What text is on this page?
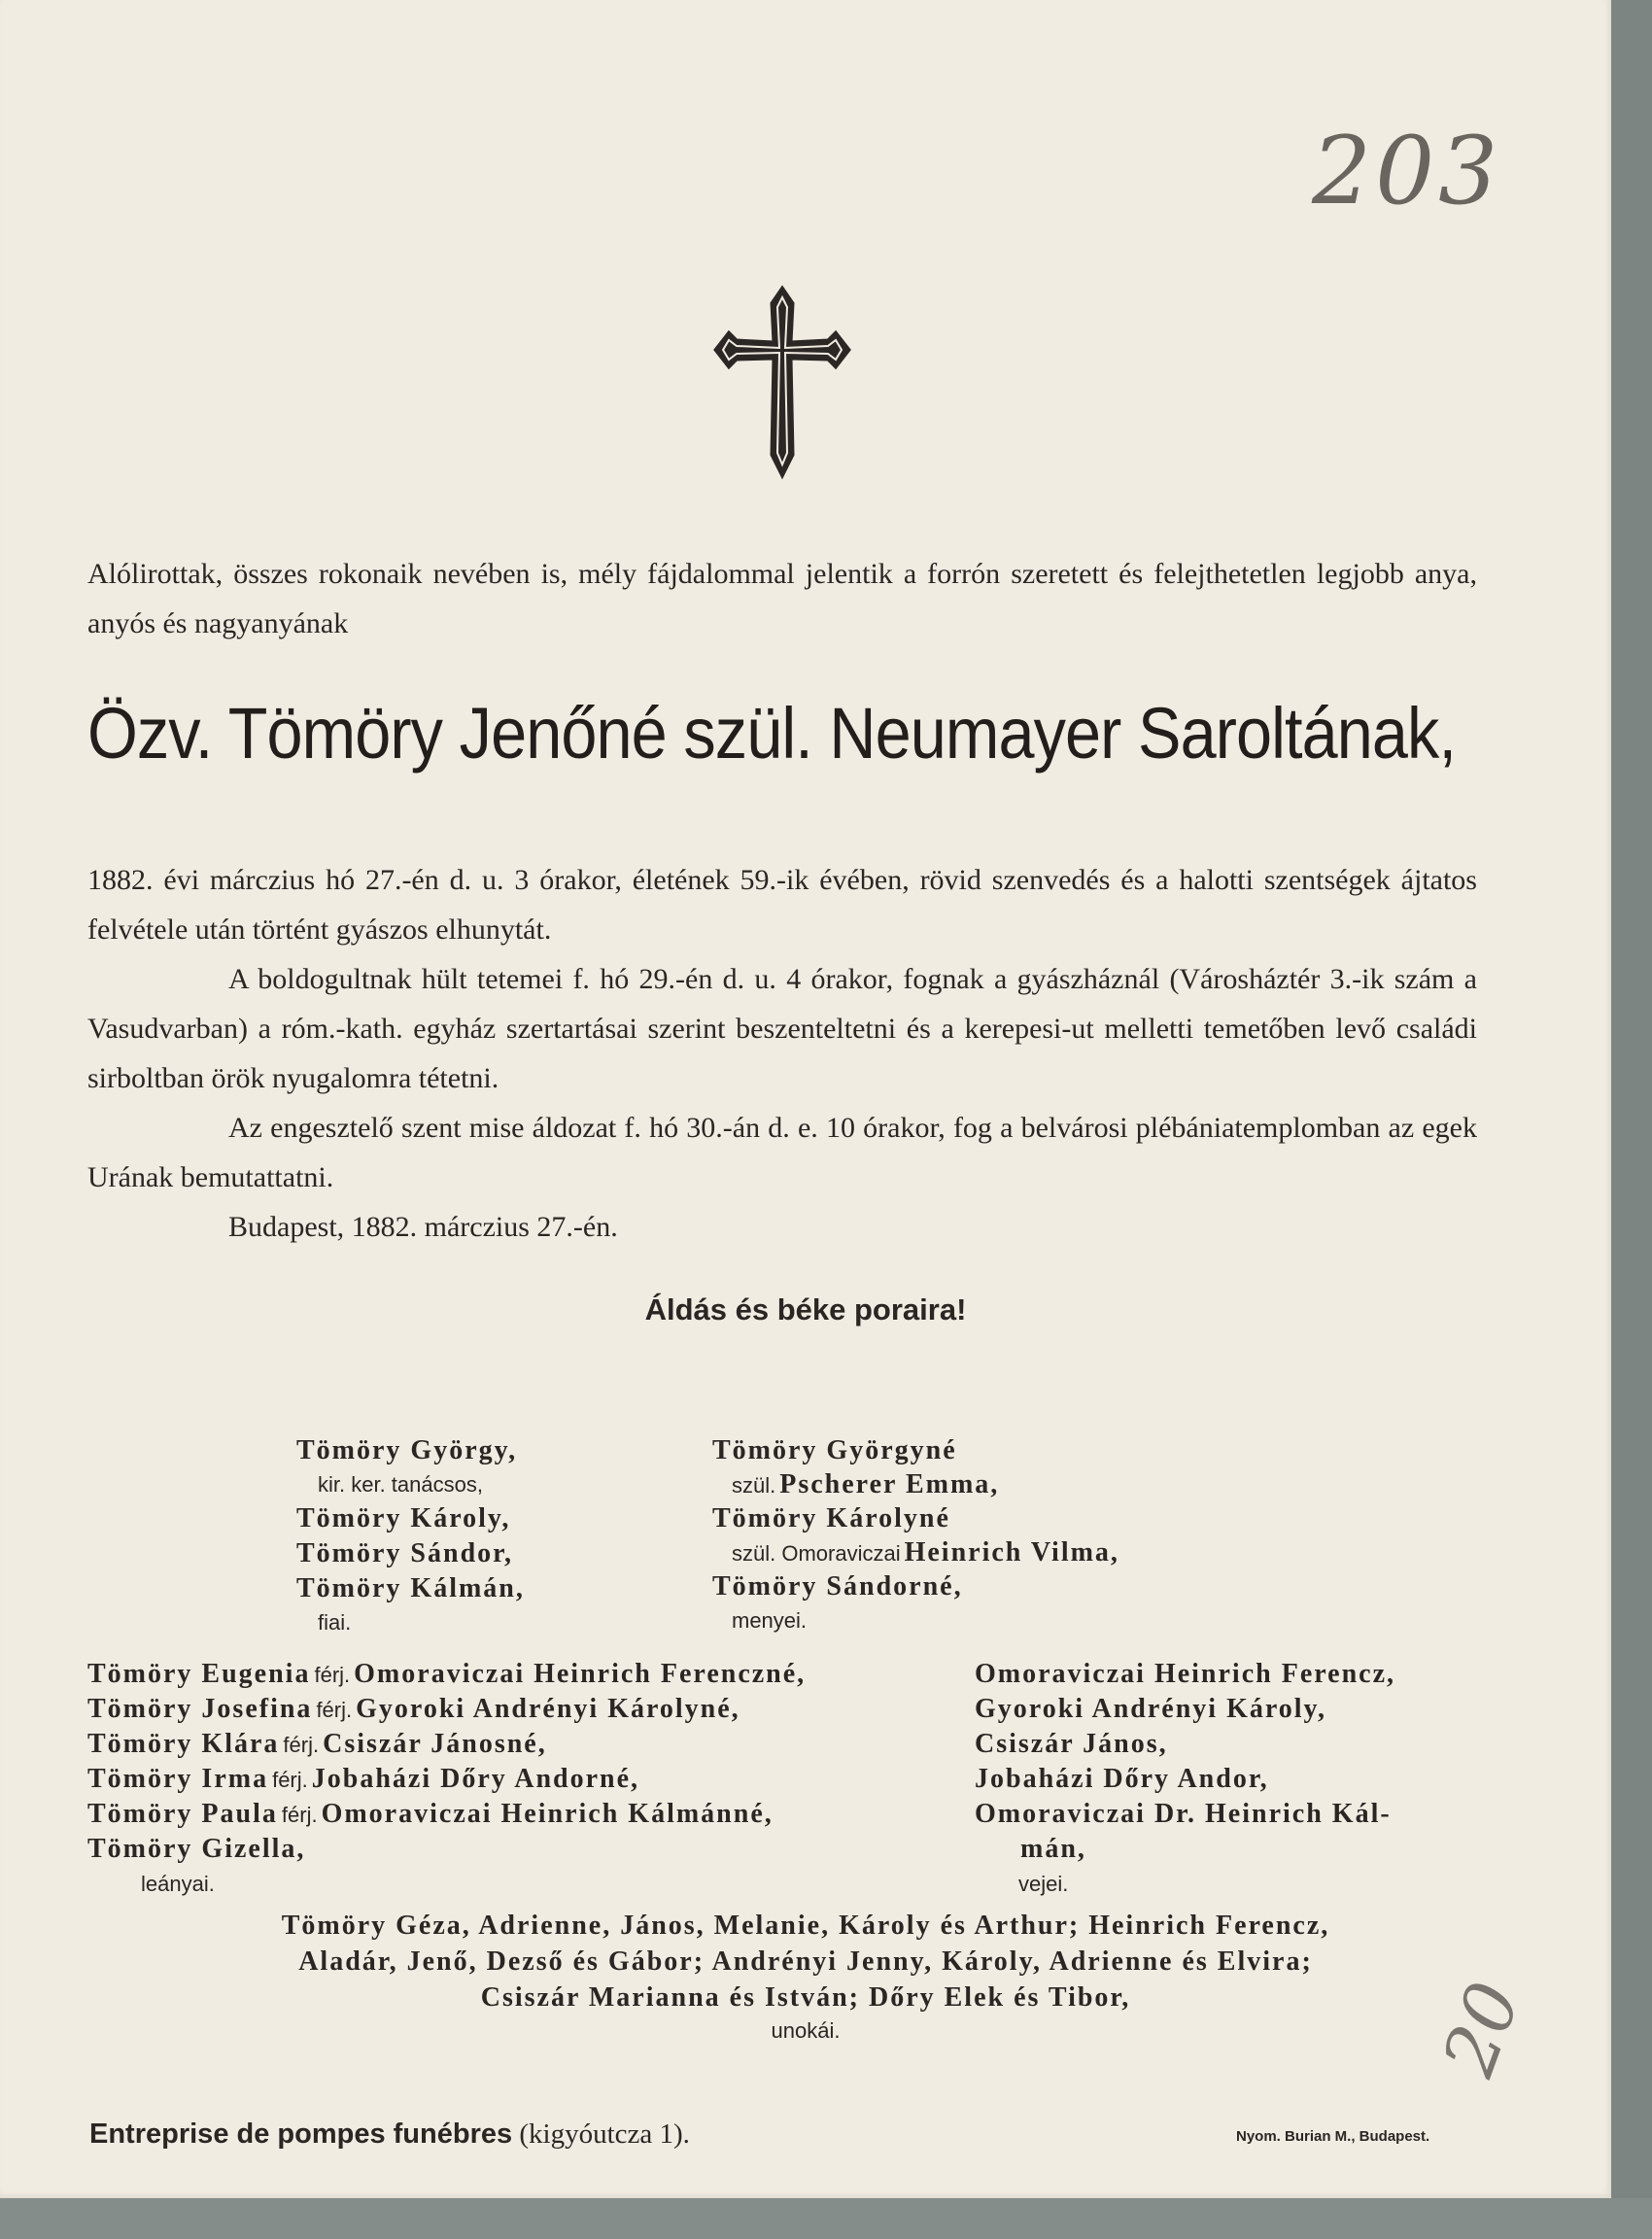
203
Alólirottak, összes rokonaik nevében is, mély fájdalommal jelentik a forrón szeretett és felejthetetlen legjobb anya, anyós és nagyanyának
Özv. Tömöry Jenőné szül. Neumayer Saroltának,
1882. évi márczius hó 27.-én d. u. 3 órakor, életének 59.-ik évében, rövid szenvedés és a halotti szentségek ájtatos felvétele után történt gyászos elhunytát.
A boldogultnak hült tetemei f. hó 29.-én d. u. 4 órakor, fognak a gyászháznál (Városháztér 3.-ik szám a Vasudvarban) a róm.-kath. egyház szertartásai szerint beszenteltetni és a kerepesi-ut melletti temetőben levő családi sirboltban örök nyugalomra tétetni.
Az engesztelő szent mise áldozat f. hó 30.-án d. e. 10 órakor, fog a belvárosi plébániatemplomban az egek Urának bemutattatni.
Budapest, 1882. márczius 27.-én.
Áldás és béke poraira!
Tömöry György,
kir. ker. tanácsos,
Tömöry Károly,
Tömöry Sándor,
Tömöry Kálmán,
fiai.
Tömöry Györgyné
szül. Pscherer Emma,
Tömöry Károlyné
szül. Omoraviczai Heinrich Vilma,
Tömöry Sándorné,
menyei.
Tömöry Eugenia férj. Omoraviczai Heinrich Ferenczné,	Omoraviczai Heinrich Ferencz,
Tömöry Josefina férj. Gyoroki Andrényi Károlyné,	Gyoroki Andrényi Károly,
Tömöry Klára férj. Csiszár Jánosné,	Csiszár János,
Tömöry Irma férj. Jobaházi Dőry Andorné,	Jobaházi Dőry Andor,
Tömöry Paula férj. Omoraviczai Heinrich Kálmánné,	Omoraviczai Dr. Heinrich Kál-
Tömöry Gizella,	mán,
leányai.	vejei.
Tömöry Géza, Adrienne, János, Melanie, Károly és Arthur; Heinrich Ferencz,
Aladár, Jenő, Dezső és Gábor; Andrényi Jenny, Károly, Adrienne és Elvira;
Csiszár Marianna és István; Dőry Elek és Tibor,
unokái.	20
Entreprise de pompes funébres (kigyóutcza 1).	Nyom. Burian M., Budapest.
